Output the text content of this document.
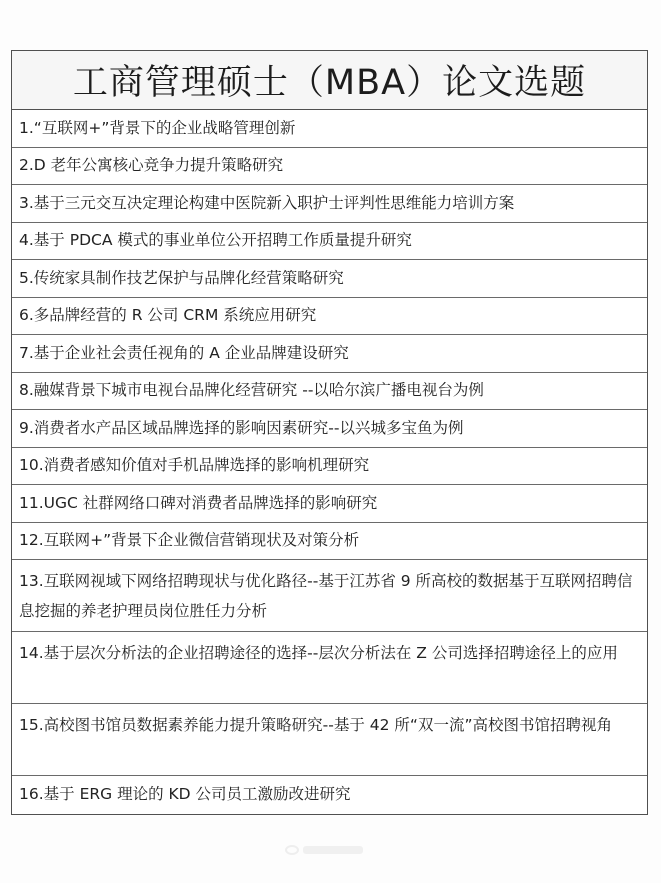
工商管理硕士（MBA）论文选题
1. “互联网+”背景下的企业战略管理创新
2. D 老年公寓核心竞争力提升策略研究
3. 基于三元交互决定理论构建中医院新入职护士评判性思维能力培训方案
4. 基于 PDCA 模式的事业单位公开招聘工作质量提升研究
5. 传统家具制作技艺保护与品牌化经营策略研究
6. 多品牌经营的 R 公司 CRM 系统应用研究
7. 基于企业社会责任视角的 A 企业品牌建设研究
8. 融媒背景下城市电视台品牌化经营研究 --以哈尔滨广播电视台为例
9. 消费者水产品区域品牌选择的影响因素研究--以兴城多宝鱼为例
10. 消费者感知价值对手机品牌选择的影响机理研究
11. UGC 社群网络口碑对消费者品牌选择的影响研究
12. 互联网+”背景下企业微信营销现状及对策分析
13.互联网视域下网络招聘现状与优化路径--基于江苏省 9 所高校的数据基于互联网招聘信息挖掘的养老护理员岗位胜任力分析
14.基于层次分析法的企业招聘途径的选择--层次分析法在 Z 公司选择招聘途径上的应用
15.高校图书馆员数据素养能力提升策略研究--基于 42 所“双一流”高校图书馆招聘视角
16. 基于 ERG 理论的 KD 公司员工激励改进研究
